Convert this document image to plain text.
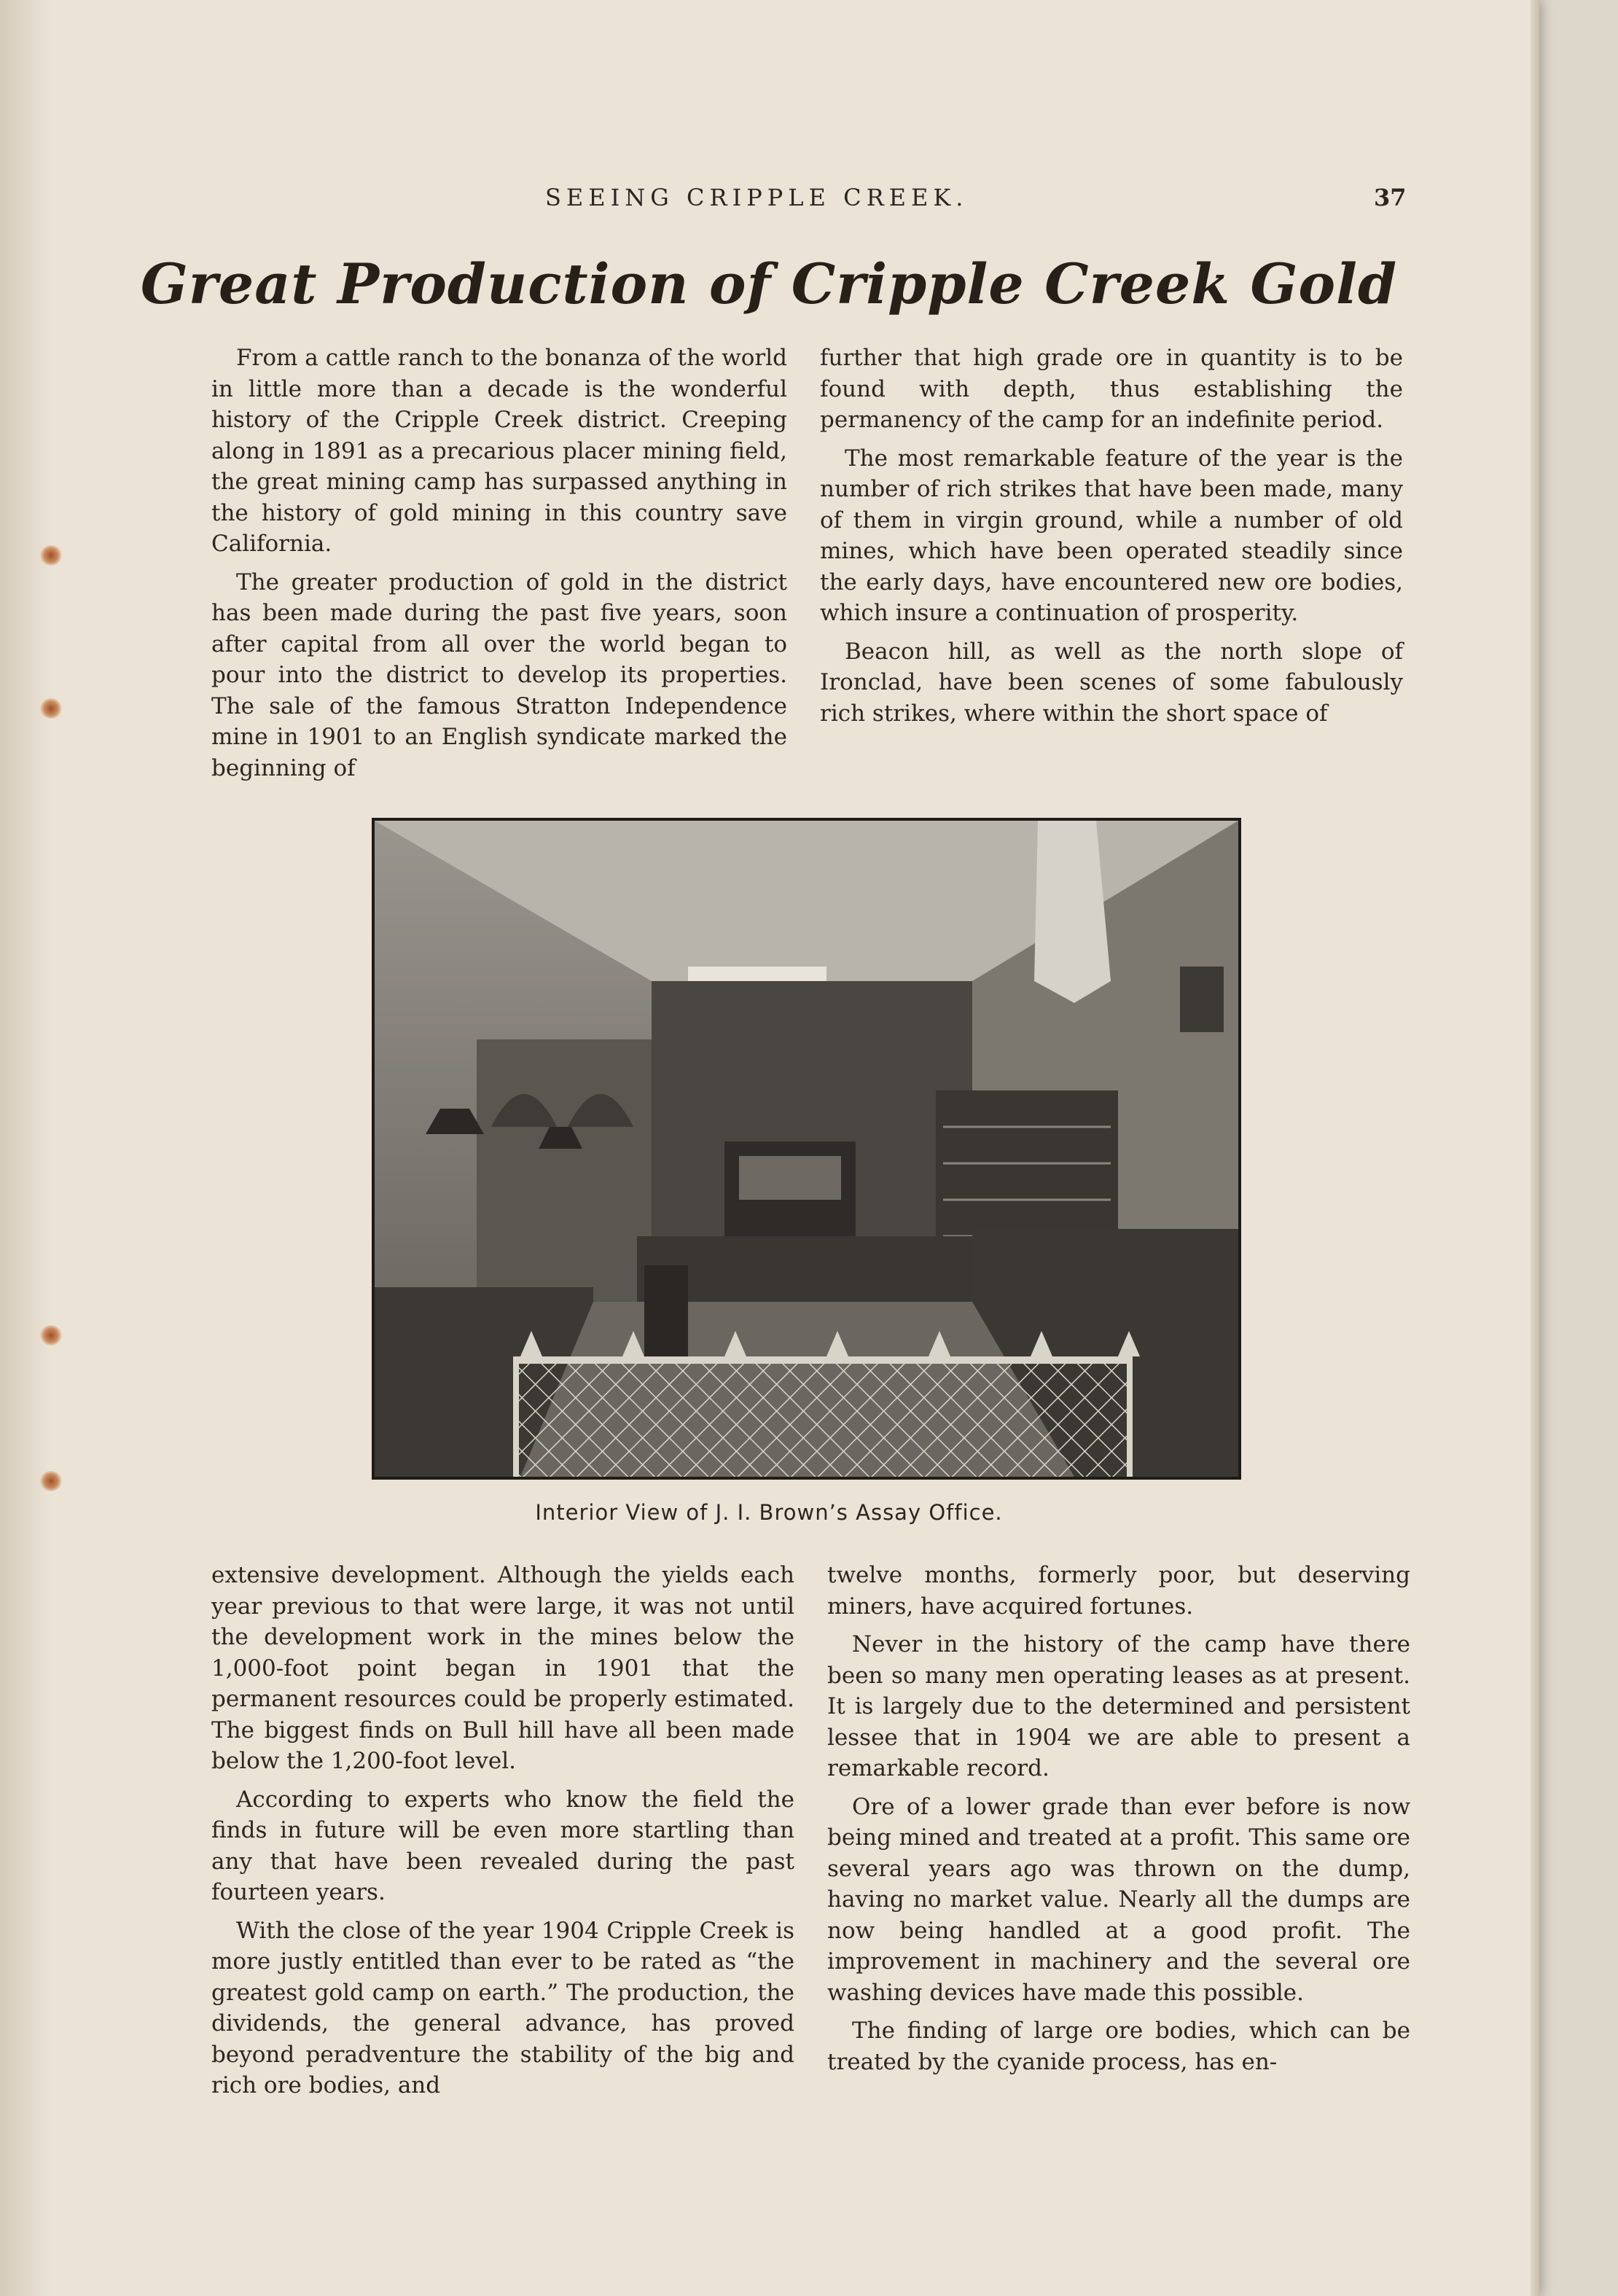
SEEING CRIPPLE CREEK.	37
Great Production of Cripple Creek Gold

From a cattle ranch to the bonanza of the world in little more than a decade is the wonderful history of the Cripple Creek district. Creeping along in 1891 as a precarious placer mining field, the great mining camp has surpassed anything in the history of gold mining in this country save California.

The greater production of gold in the district has been made during the past five years, soon after capital from all over the world began to pour into the district to develop its properties. The sale of the famous Stratton Independence mine in 1901 to an English syndicate marked the beginning of

further that high grade ore in quantity is to be found with depth, thus establishing the permanency of the camp for an indefinite period.

The most remarkable feature of the year is the number of rich strikes that have been made, many of them in virgin ground, while a number of old mines, which have been operated steadily since the early days, have encountered new ore bodies, which insure a continuation of prosperity.

Beacon hill, as well as the north slope of Ironclad, have been scenes of some fabulously rich strikes, where within the short space of

Interior View of J. I. Brown’s Assay Office.

extensive development. Although the yields each year previous to that were large, it was not until the development work in the mines below the 1,000-foot point began in 1901 that the permanent resources could be properly estimated. The biggest finds on Bull hill have all been made below the 1,200-foot level.

According to experts who know the field the finds in future will be even more startling than any that have been revealed during the past fourteen years.

With the close of the year 1904 Cripple Creek is more justly entitled than ever to be rated as “the greatest gold camp on earth.” The production, the dividends, the general advance, has proved beyond peradventure the stability of the big and rich ore bodies, and

twelve months, formerly poor, but deserving miners, have acquired fortunes.

Never in the history of the camp have there been so many men operating leases as at present. It is largely due to the determined and persistent lessee that in 1904 we are able to present a remarkable record.

Ore of a lower grade than ever before is now being mined and treated at a profit. This same ore several years ago was thrown on the dump, having no market value. Nearly all the dumps are now being handled at a good profit. The improvement in machinery and the several ore washing devices have made this possible.

The finding of large ore bodies, which can be treated by the cyanide process, has en-
